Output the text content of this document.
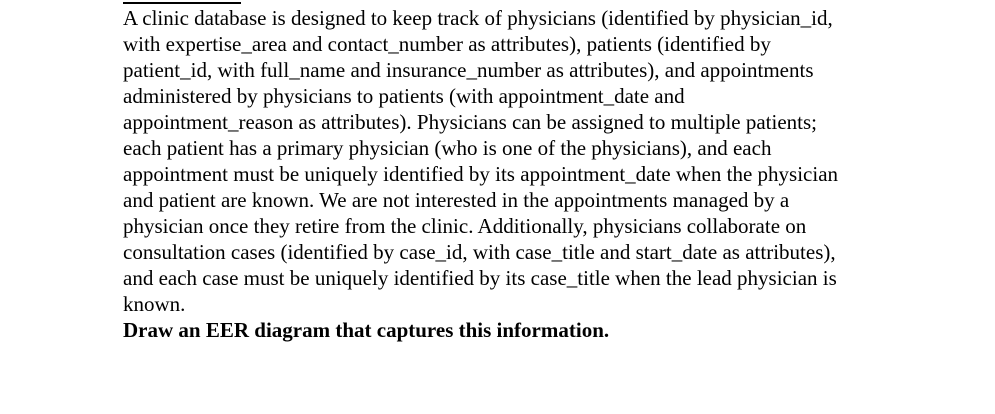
A clinic database is designed to keep track of physicians (identified by physician_id,
with expertise_area and contact_number as attributes), patients (identified by
patient_id, with full_name and insurance_number as attributes), and appointments
administered by physicians to patients (with appointment_date and
appointment_reason as attributes). Physicians can be assigned to multiple patients;
each patient has a primary physician (who is one of the physicians), and each
appointment must be uniquely identified by its appointment_date when the physician
and patient are known. We are not interested in the appointments managed by a
physician once they retire from the clinic. Additionally, physicians collaborate on
consultation cases (identified by case_id, with case_title and start_date as attributes),
and each case must be uniquely identified by its case_title when the lead physician is
known.
Draw an EER diagram that captures this information.
